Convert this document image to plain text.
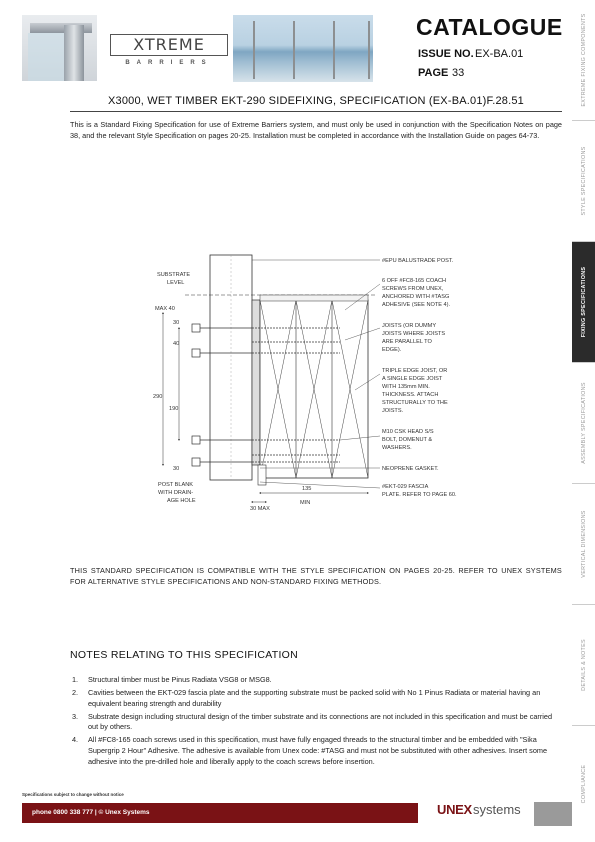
XTREME
BARRIERS
CATALOGUE
ISSUE NO. EX-BA.01
PAGE 33
X3000, WET TIMBER EKT-290 SIDEFIXING, SPECIFICATION (EX-BA.01)F.28.51
This is a Standard Fixing Specification for use of Extreme Barriers system, and must only be used in conjunction with the Specification Notes on page 38, and the relevant Style Specification on pages 20-25. Installation must be completed in accordance with the Installation Guide on pages 64-73.
EXTREME FIXING COMPONENTS
STYLE SPECIFICATIONS
FIXING SPECIFICATIONS
ASSEMBLY SPECIFICATIONS
VERTICAL DIMENSIONS
DETAILS & NOTES
COMPLIANCE
SUBSTRATE
LEVEL
MAX 40
30
40
290
190
30
POST BLANK
WITH DRAIN-
AGE HOLE
30 MAX
135
MIN
#EPU BALUSTRADE POST.
6 OFF #FC8-165 COACH
SCREWS FROM UNEX,
ANCHORED WITH #TASG
ADHESIVE (SEE NOTE 4).
JOISTS (OR DUMMY
JOISTS WHERE JOISTS
ARE PARALLEL TO
EDGE).
TRIPLE EDGE JOIST, OR
A SINGLE EDGE JOIST
WITH 135mm MIN.
THICKNESS. ATTACH
STRUCTURALLY TO THE
JOISTS.
M10 CSK HEAD S/S
BOLT, DOMENUT &
WASHERS.
NEOPRENE GASKET.
#EKT-029 FASCIA
PLATE. REFER TO PAGE 60.
THIS STANDARD SPECIFICATION IS COMPATIBLE WITH THE STYLE SPECIFICATION ON PAGES 20-25. REFER TO UNEX SYSTEMS FOR ALTERNATIVE STYLE SPECIFICATIONS AND NON-STANDARD FIXING METHODS.
NOTES RELATING TO THIS SPECIFICATION
1. Structural timber must be Pinus Radiata VSG8 or MSG8.
2. Cavities between the EKT-029 fascia plate and the supporting substrate must be packed solid with No 1 Pinus Radiata or material having an equivalent bearing strength and durability
3. Substrate design including structural design of the timber substrate and its connections are not included in this specification and must be carried out by others.
4. All #FC8-165 coach screws used in this specification, must have fully engaged threads to the structural timber and be embedded with "Sika Supergrip 2 Hour" Adhesive. The adhesive is available from Unex code: #TASG and must not be substituted with other adhesives. Insert some adhesive into the pre-drilled hole and liberally apply to the coach screws before insertion.
Specifications subject to change without notice
phone 0800 338 777 | © Unex Systems	UNEX systems
